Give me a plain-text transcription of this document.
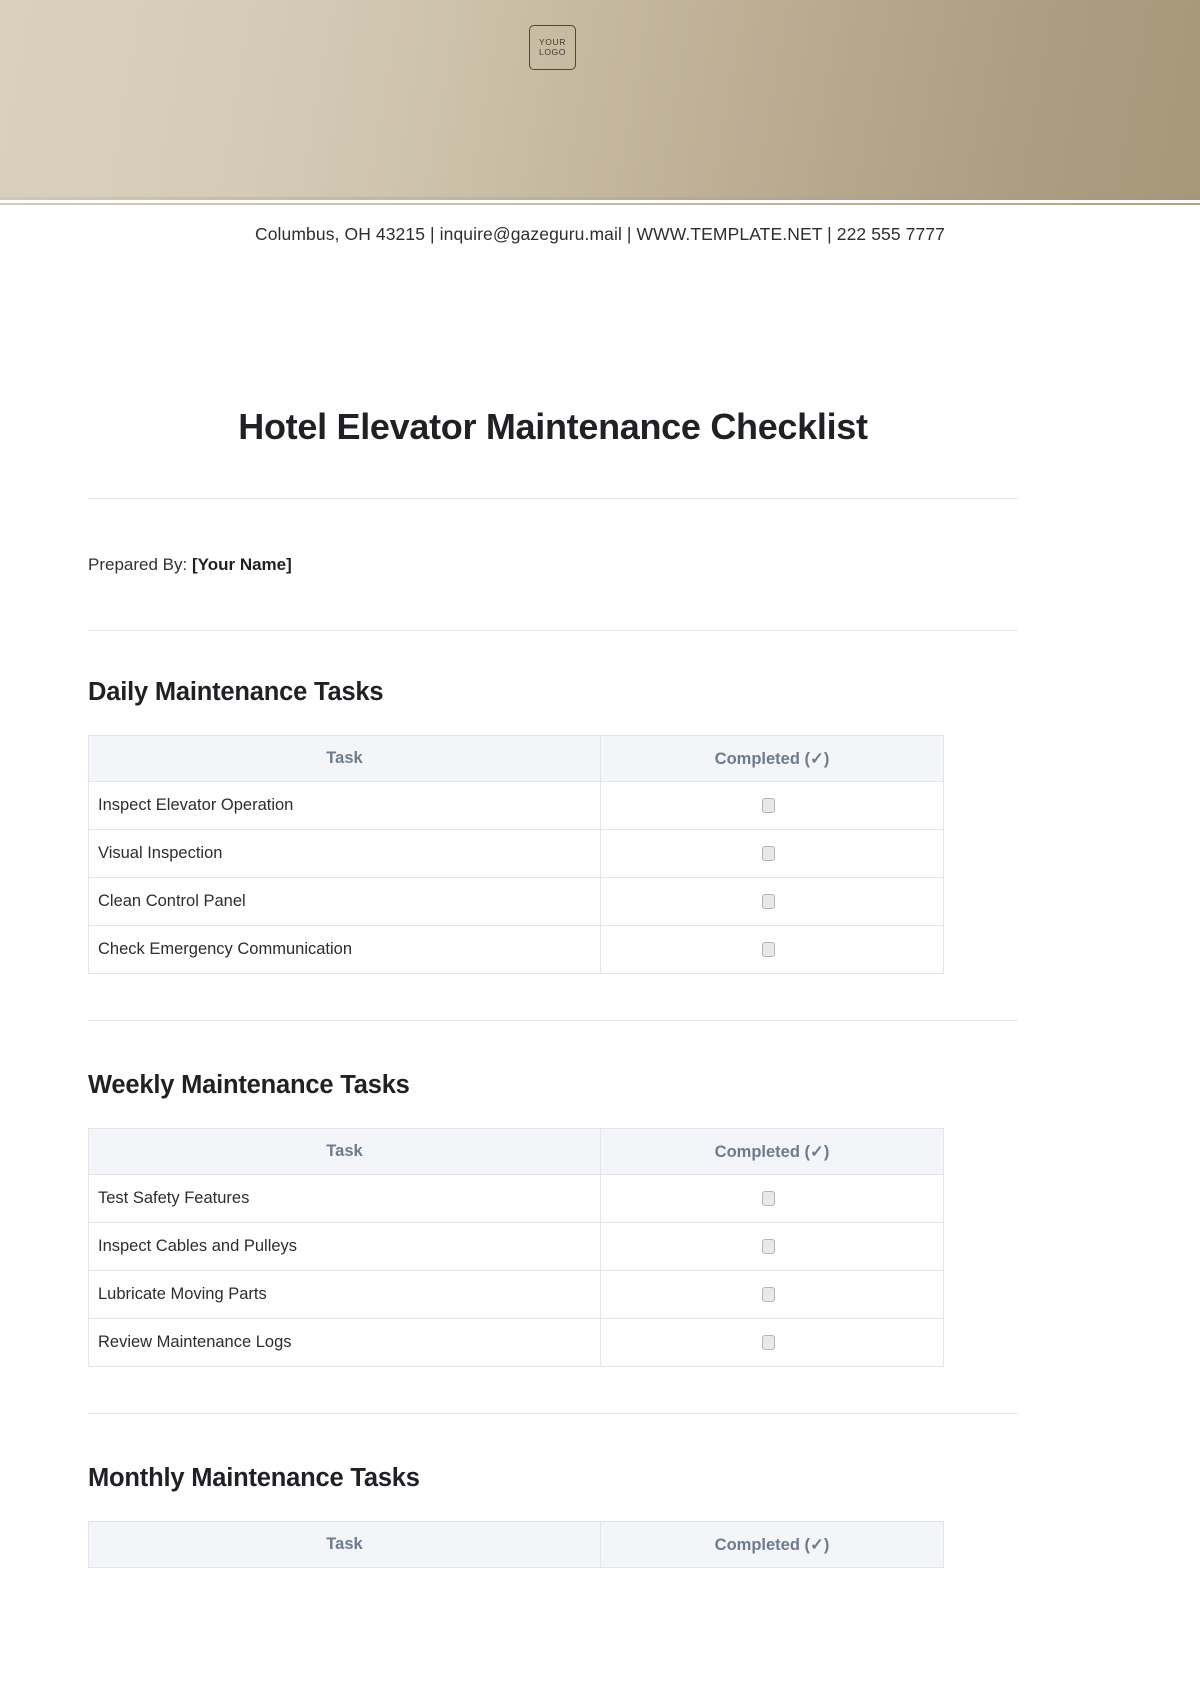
YOUR
LOGO
Columbus, OH 43215 | inquire@gazeguru.mail | WWW.TEMPLATE.NET | 222 555 7777
Hotel Elevator Maintenance Checklist
Prepared By: [Your Name]
Daily Maintenance Tasks
Task	Completed (✓)
Inspect Elevator Operation	
Visual Inspection	
Clean Control Panel	
Check Emergency Communication	
Weekly Maintenance Tasks
Task	Completed (✓)
Test Safety Features	
Inspect Cables and Pulleys	
Lubricate Moving Parts	
Review Maintenance Logs	
Monthly Maintenance Tasks
Task	Completed (✓)
